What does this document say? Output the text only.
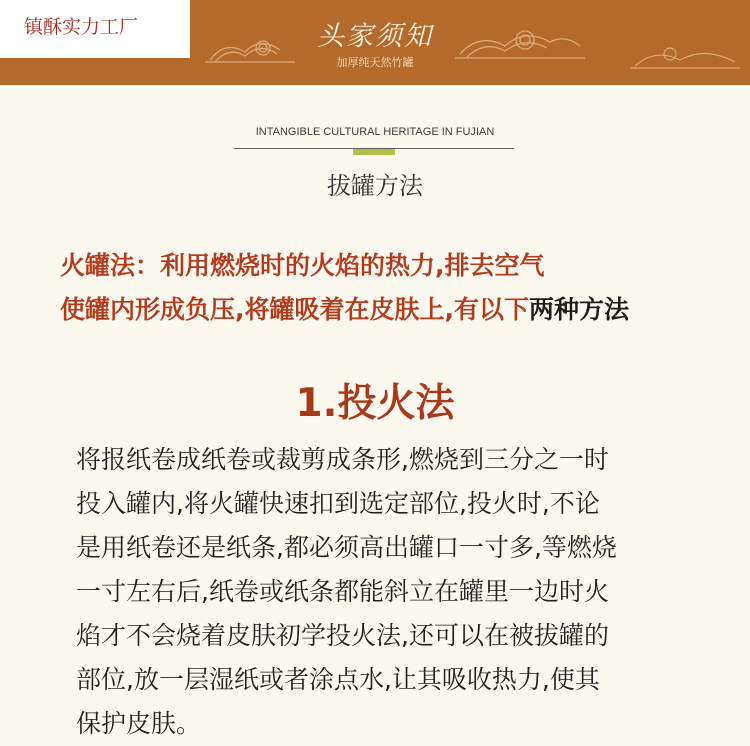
镇酥实力工厂	头家须知
加厚纯天然竹罐
INTANGIBLE CULTURAL HERITAGE IN FUJIAN
拔罐方法
火罐法：利用燃烧时的火焰的热力,排去空气
使罐内形成负压,将罐吸着在皮肤上,有以下两种方法
1.投火法
将报纸卷成纸卷或裁剪成条形,燃烧到三分之一时
投入罐内,将火罐快速扣到选定部位,投火时,不论
是用纸卷还是纸条,都必须高出罐口一寸多,等燃烧
一寸左右后,纸卷或纸条都能斜立在罐里一边时火
焰才不会烧着皮肤初学投火法,还可以在被拔罐的
部位,放一层湿纸或者涂点水,让其吸收热力,使其
保护皮肤。
